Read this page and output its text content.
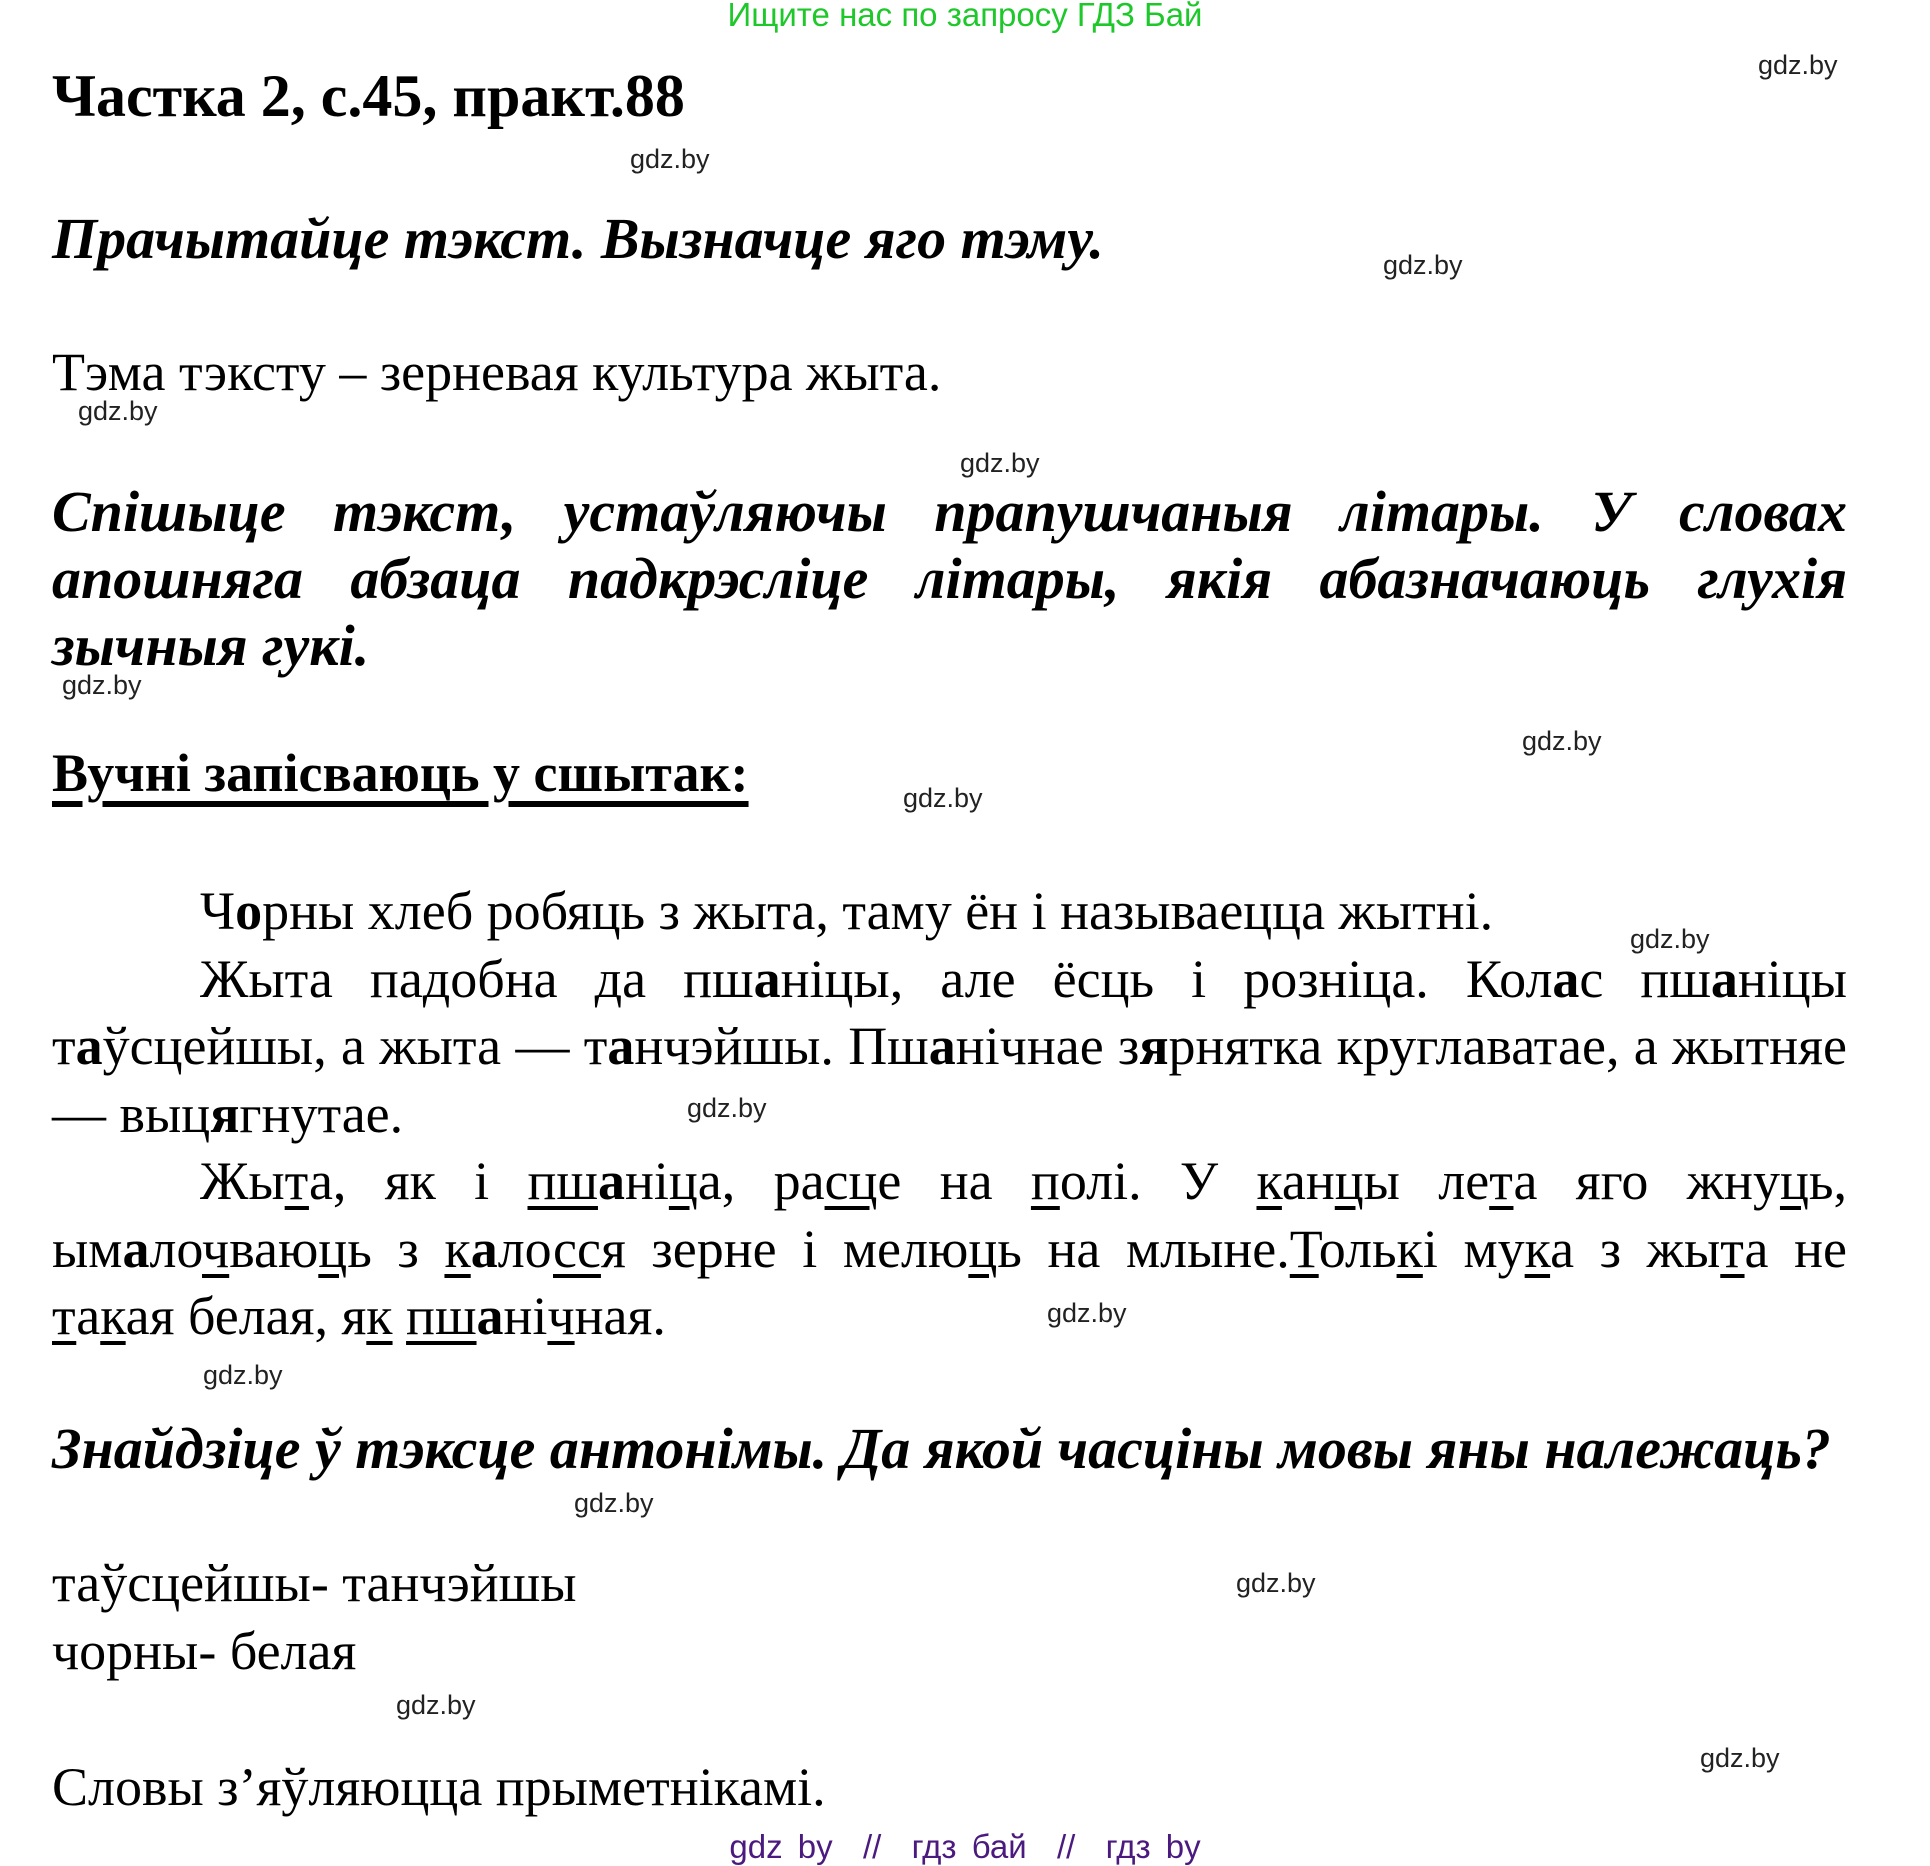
Ищите нас по запросу ГДЗ Бай
Частка 2, с.45, практ.88
Прачытайце тэкст. Вызначце яго тэму.
Тэма тэксту – зерневая культура жыта.
Спішыце тэкст, устаўляючы прапушчаныя літары. У словах апошняга абзаца падкрэсліце літары, якія абазначаюць глухія зычныя гукі.
Вучні запісваюць у сшытак:

Чорны хлеб робяць з жыта, таму ён і называецца жытні.

Жыта падобна да пшаніцы, але ёсць і розніца. Колас пшаніцы таўсцейшы, а жыта — танчэйшы. Пшанічнае зярнятка круглаватае, а жытняе — выцягнутае.

Жыта, як і пшаніца, расце на полі. У канцы лета яго жнуць, ымалочваюць з калосся зерне і мелюць на млыне.Толькі мука з жыта не такая белая, як пшанічная.

Знайдзіце ў тэксце антонімы. Да якой часціны мовы яны належаць?
таўсцейшы- танчэйшы
чорны- белая
Словы з’яўляюцца прыметнікамі.
gdz.by
gdz.by
gdz.by
gdz.by
gdz.by
gdz.by
gdz.by
gdz.by
gdz.by
gdz.by
gdz.by
gdz.by
gdz.by
gdz.by
gdz.by
gdz.by
gdz by  //  гдз бай  //  гдз by
